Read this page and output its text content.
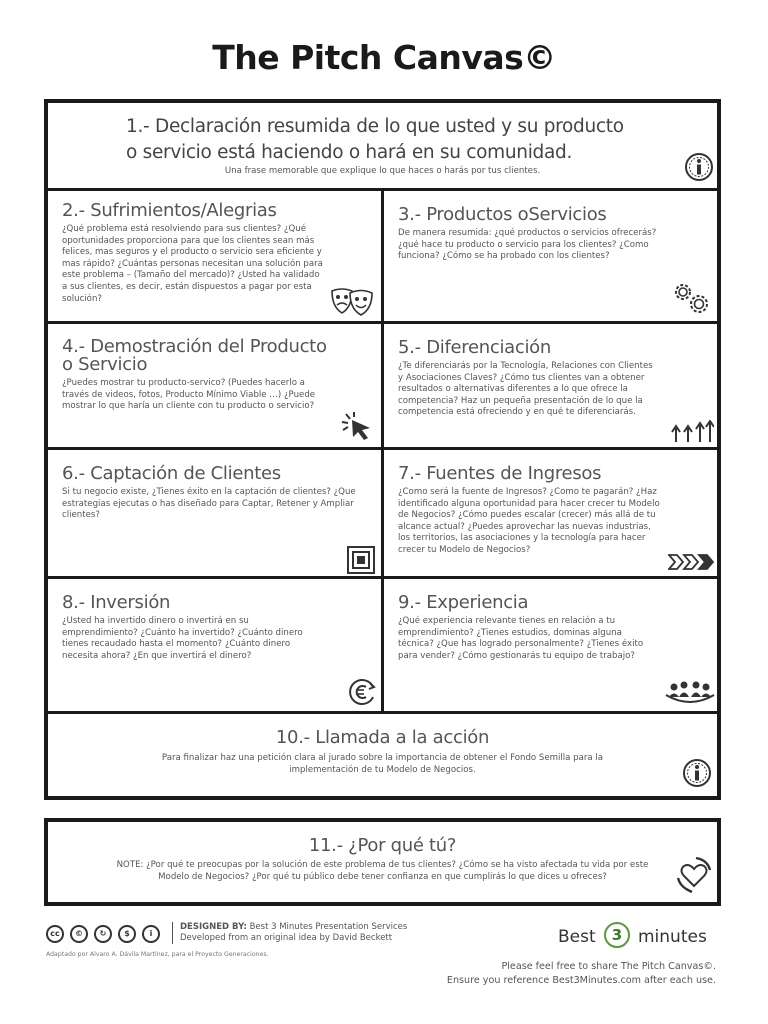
The Pitch Canvas©
1.- Declaración resumida de lo que usted y su producto
o servicio está haciendo o hará en su comunidad.
Una frase memorable que explique lo que haces o harás por tus clientes.
2.- Sufrimientos/Alegrias
¿Qué problema está resolviendo para sus clientes? ¿Qué oportunidades proporciona para que los clientes sean más felices, mas seguros y el producto o servicio sera eficiente y mas rápido? ¿Cuántas personas necesitan una solución para este problema – (Tamaño del mercado)? ¿Usted ha validado a sus clientes, es decir, están dispuestos a pagar por esta solución?
3.- Productos oServicios
De manera resumida: ¿qué productos o servicios ofrecerás? ¿qué hace tu producto o servicio para los clientes? ¿Como funciona? ¿Cómo se ha probado con los clientes?
4.- Demostración del Producto
o Servicio
¿Puedes mostrar tu producto-servico? (Puedes hacerlo a través de videos, fotos, Producto Mínimo Viable …) ¿Puede mostrar lo que haría un cliente con tu producto o servicio?
5.- Diferenciación
¿Te diferenciarás por la Tecnología, Relaciones con Clientes y Asociaciones Claves? ¿Cómo tus clientes van a obtener resultados o alternativas diferentes a lo que ofrece la competencia? Haz un pequeña presentación de lo que la competencia está ofreciendo y en qué te diferenciarás.
6.- Captación de Clientes
Si tu negocio existe, ¿Tienes éxito en la captación de clientes? ¿Que estrategias ejecutas o has diseñado para Captar, Retener y Ampliar clientes?
7.- Fuentes de Ingresos
¿Como será la fuente de Ingresos? ¿Como te pagarán? ¿Haz identificado alguna oportunidad para hacer crecer tu Modelo de Negocios? ¿Cómo puedes escalar (crecer) más allá de tu alcance actual? ¿Puedes aprovechar las nuevas industrias, los territorios, las asociaciones y la tecnología para hacer crecer tu Modelo de Negocios?
8.- Inversión
¿Usted ha invertido dinero o invertirá en su emprendimiento? ¿Cuánto ha invertido? ¿Cuánto dinero tienes recaudado hasta el momento? ¿Cuánto dinero necesita ahora? ¿En que invertirá el dinero?
9.- Experiencia
¿Qué experiencia relevante tienes en relación a tu emprendimiento? ¿Tienes estudios, dominas alguna técnica? ¿Que has logrado personalmente? ¿Tienes éxito para vender? ¿Cómo gestionarás tu equipo de trabajo?
10.- Llamada a la acción
Para finalizar haz una petición clara al jurado sobre la importancia de obtener el Fondo Semilla para la
implementación de tu Modelo de Negocios.
11.- ¿Por qué tú?
NOTE: ¿Por qué te preocupas por la solución de este problema de tus clientes? ¿Cómo se ha visto afectada tu vida por este
Modelo de Negocios? ¿Por qué tu público debe tener confianza en que cumplirás lo que dices u ofreces?
cc	©	↻	$	i
DESIGNED BY: Best 3 Minutes Presentation Services
Developed from an original idea by David Beckett
Adaptado por Alvaro A. Dávila Martínez, para el Proyecto Generaciones.
Best	3 minutes
Please feel free to share The Pitch Canvas©.
Ensure you reference Best3Minutes.com after each use.
